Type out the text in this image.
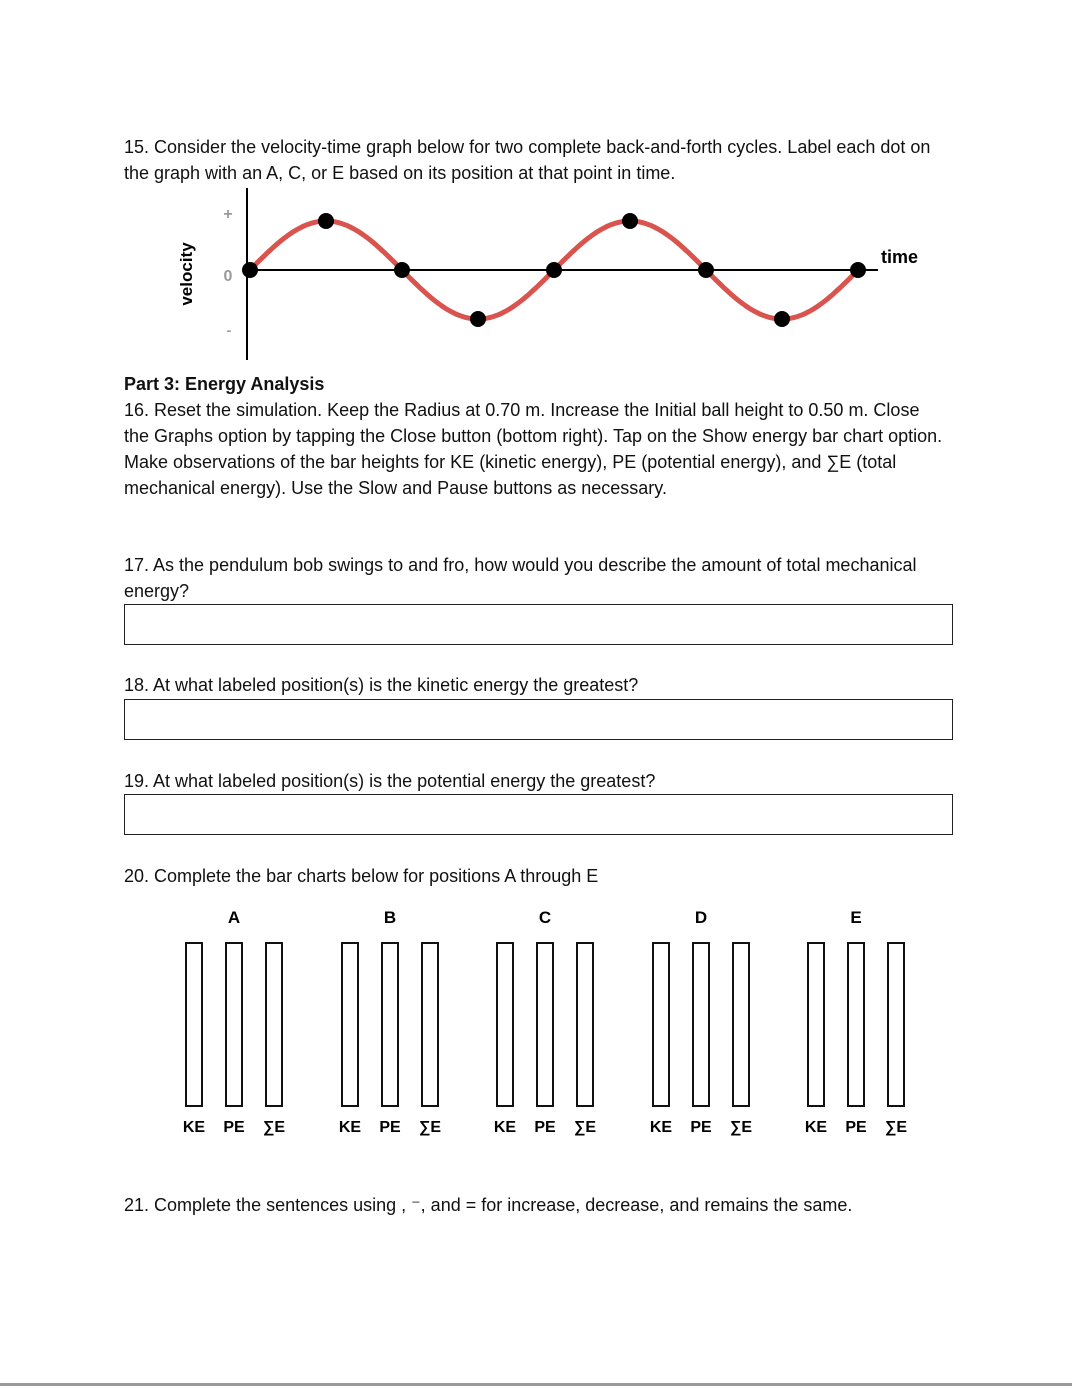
15. Consider the velocity-time graph below for two complete back-and-forth cycles. Label each dot on the graph with an A, C, or E based on its position at that point in time.

velocity
+
0
-
time

Part 3: Energy Analysis

16. Reset the simulation. Keep the Radius at 0.70 m. Increase the Initial ball height to 0.50 m. Close the Graphs option by tapping the Close button (bottom right). Tap on the Show energy bar chart option. Make observations of the bar heights for KE (kinetic energy), PE (potential energy), and ∑E (total mechanical energy). Use the Slow and Pause buttons as necessary.

17. As the pendulum bob swings to and fro, how would you describe the amount of total mechanical energy?

18. At what labeled position(s) is the kinetic energy the greatest?

19. At what labeled position(s) is the potential energy the greatest?

20. Complete the bar charts below for positions A through E

A
KE PE ∑E
B
KE PE ∑E
C
KE PE ∑E
D
KE PE ∑E
E
KE PE ∑E

21. Complete the sentences using , ⁻, and = for increase, decrease, and remains the same.
